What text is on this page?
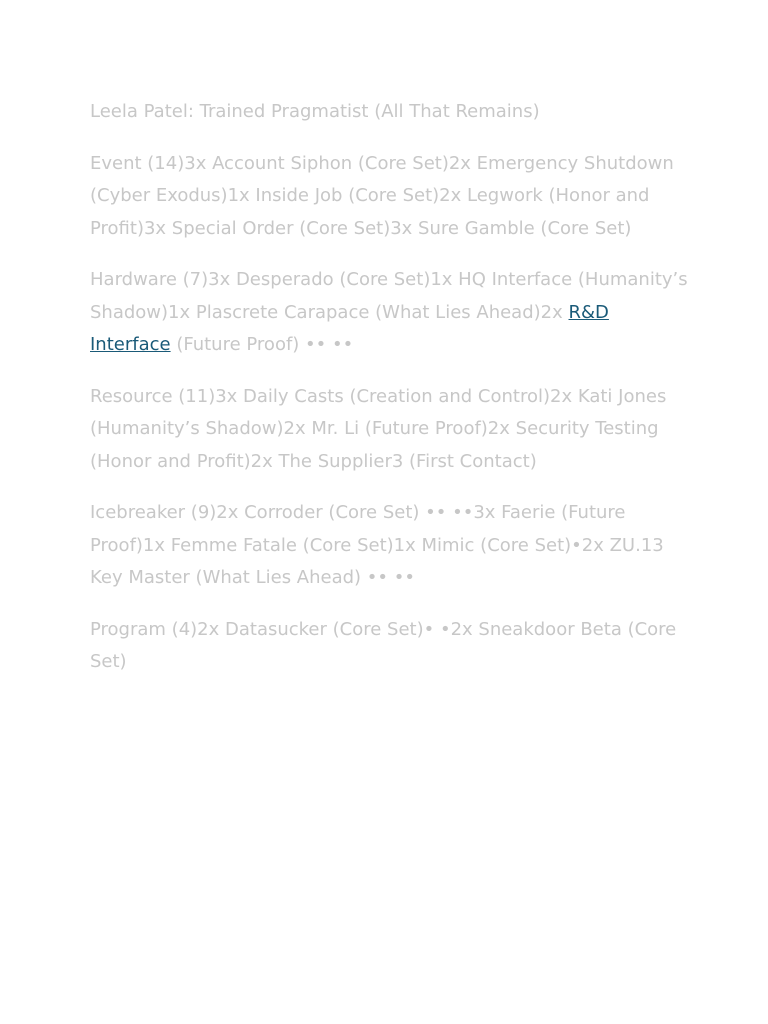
Leela Patel: Trained Pragmatist (All That Remains)

Event (14)3x Account Siphon (Core Set)2x Emergency Shutdown (Cyber Exodus)1x Inside Job (Core Set)2x Legwork (Honor and Profit)3x Special Order (Core Set)3x Sure Gamble (Core Set)

Hardware (7)3x Desperado (Core Set)1x HQ Interface (Humanity’s Shadow)1x Plascrete Carapace (What Lies Ahead)2x R&D Interface (Future Proof) •• ••

Resource (11)3x Daily Casts (Creation and Control)2x Kati Jones (Humanity’s Shadow)2x Mr. Li (Future Proof)2x Security Testing (Honor and Profit)2x The Supplier3 (First Contact)

Icebreaker (9)2x Corroder (Core Set) •• ••3x Faerie (Future Proof)1x Femme Fatale (Core Set)1x Mimic (Core Set)•2x ZU.13 Key Master (What Lies Ahead) •• ••

Program (4)2x Datasucker (Core Set)• •2x Sneakdoor Beta (Core Set)
